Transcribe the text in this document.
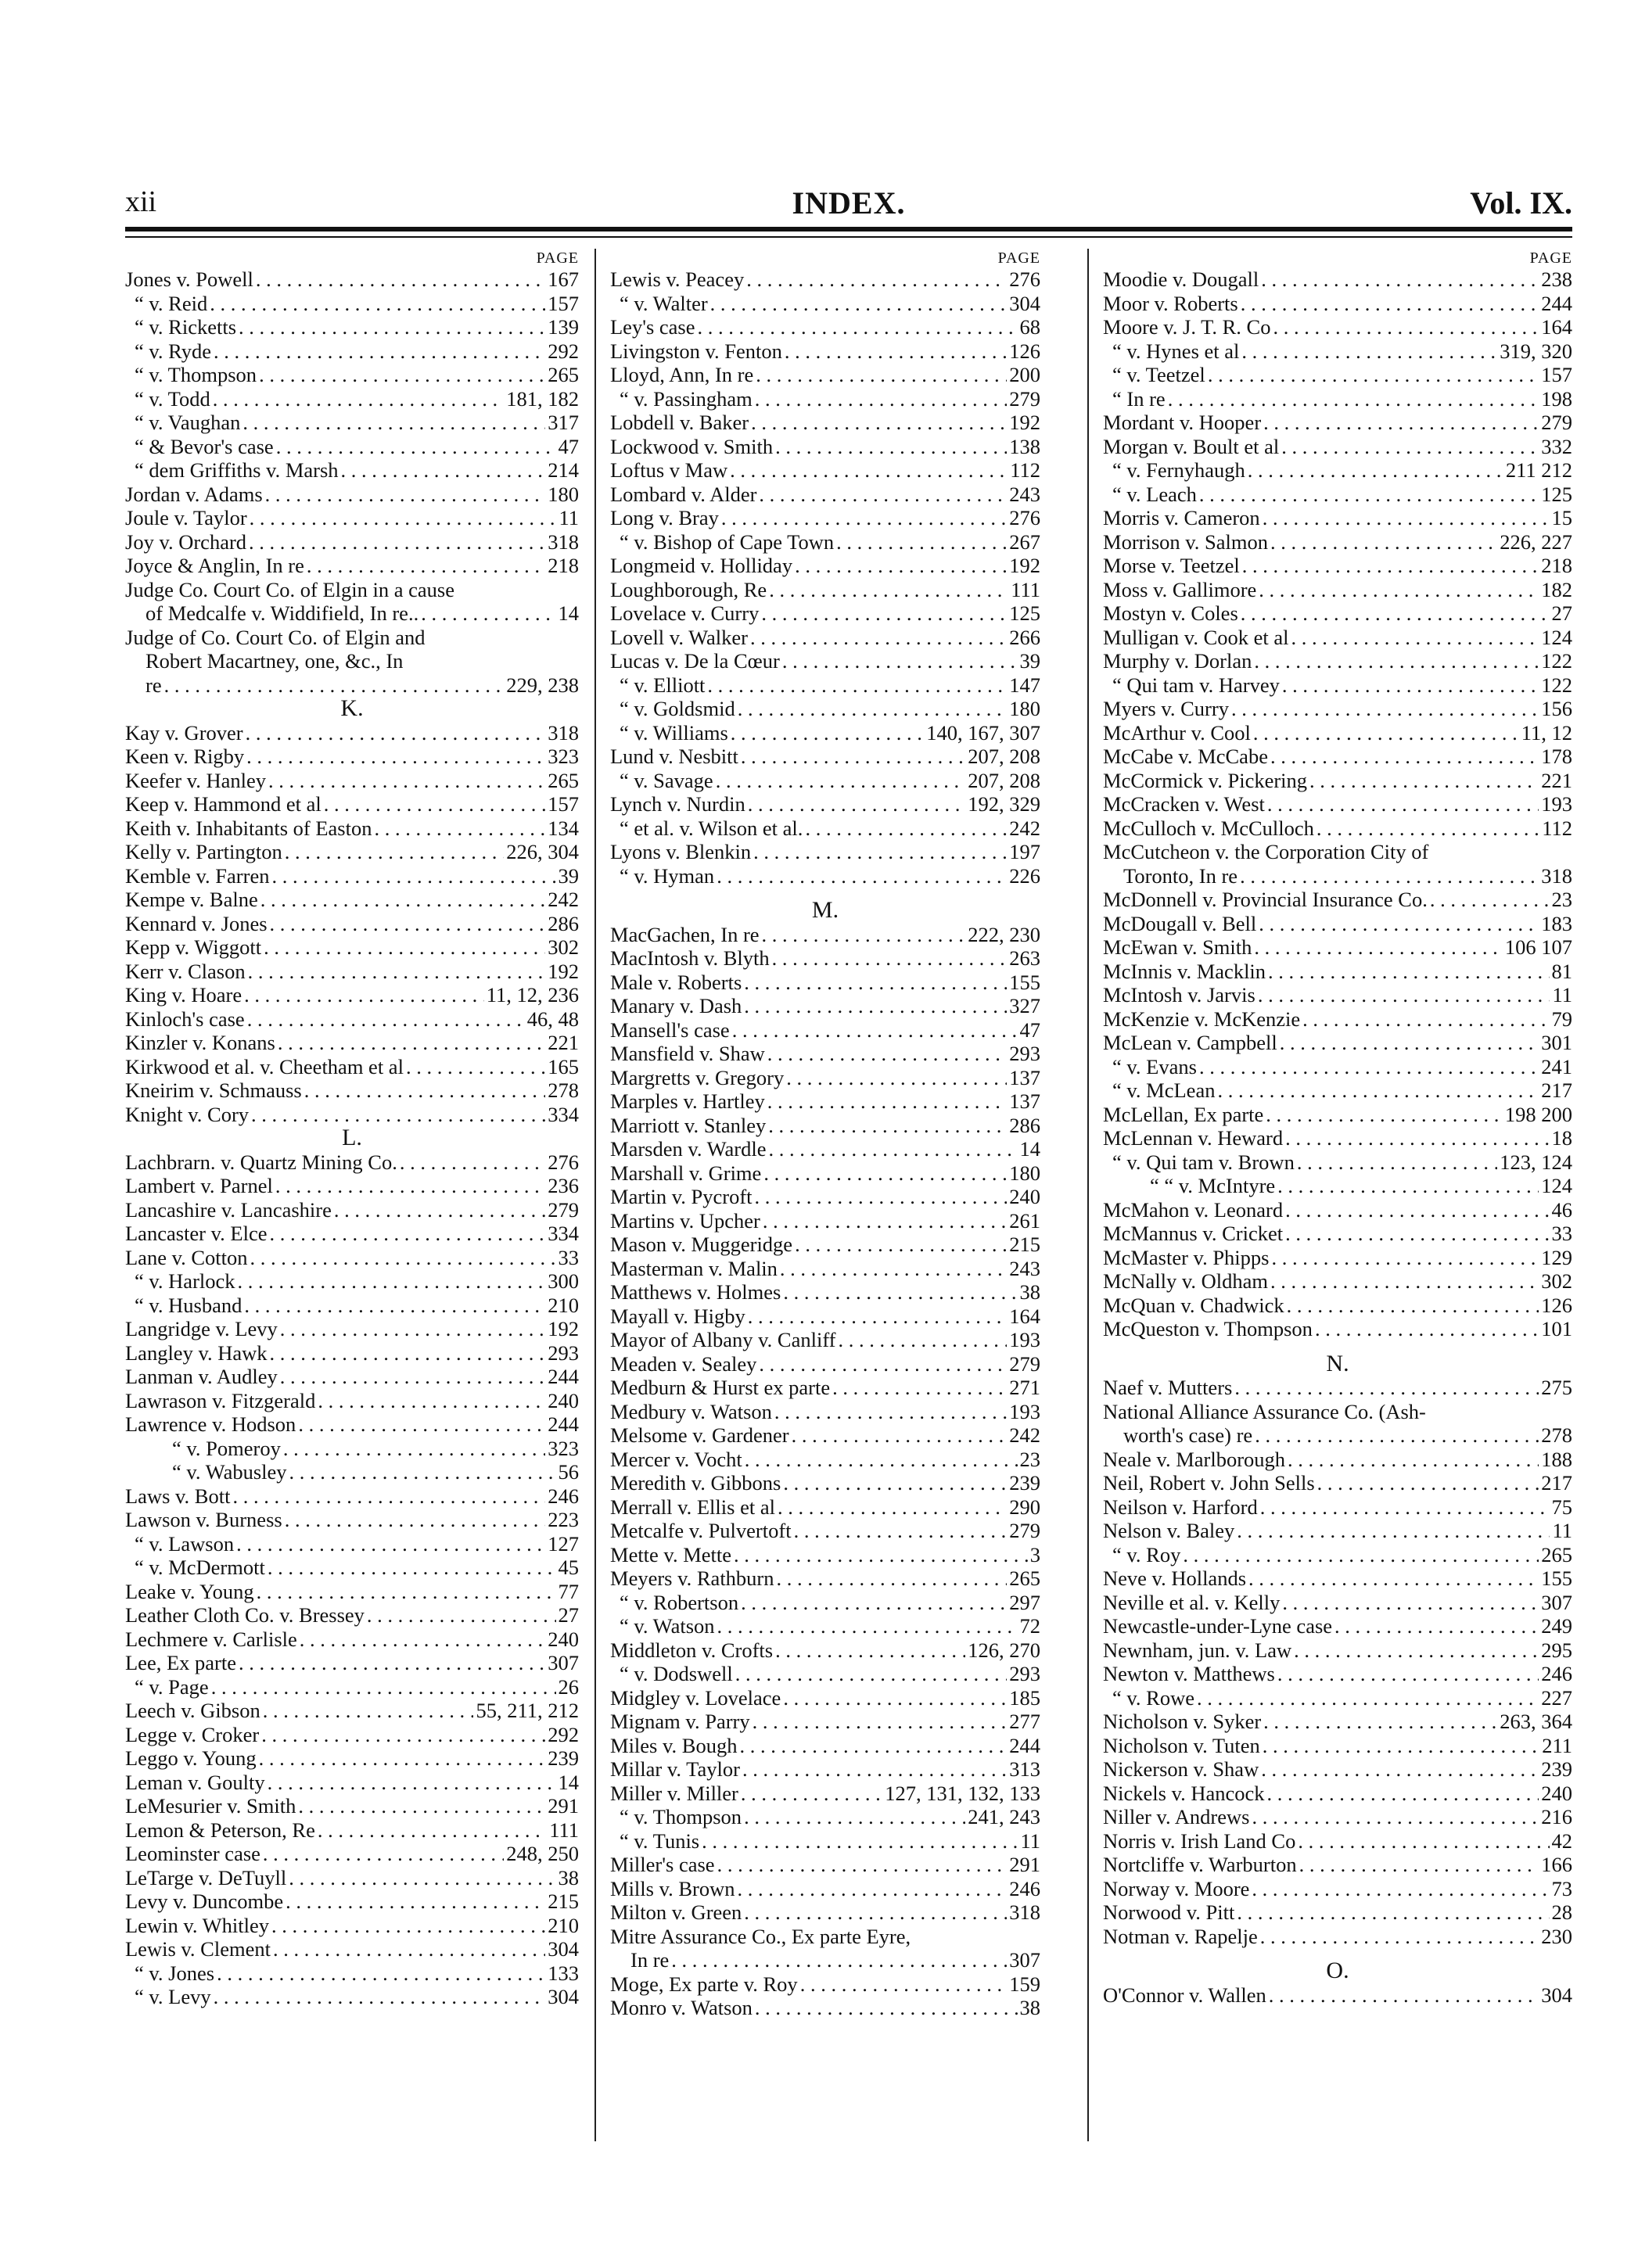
xii	INDEX.	Vol. IX.
PAGE
Jones v. Powell . . .	167
“ v. Reid . . .	157
“ v. Ricketts . . .	139
“ v. Ryde . . .	292
“ v. Thompson . . .	265
“ v. Todd . . .	181, 182
“ v. Vaughan . . .	317
“ & Bevor's case . . .	47
“ dem Griffiths v. Marsh . . .	214
Jordan v. Adams . . .	180
Joule v. Taylor . . .	11
Joy v. Orchard . . .	318
Joyce & Anglin, In re . . .	218
Judge Co. Court Co. of Elgin in a cause
of Medcalfe v. Widdifield, In re.. . . .	14
Judge of Co. Court Co. of Elgin and
Robert Macartney, one, &c., In
re . . .	229, 238
K.
Kay v. Grover . . .	318
Keen v. Rigby . . .	323
Keefer v. Hanley . . .	265
Keep v. Hammond et al . . .	157
Keith v. Inhabitants of Easton . . .	134
Kelly v. Partington . . .	226, 304
Kemble v. Farren . . .	39
Kempe v. Balne . . .	242
Kennard v. Jones . . .	286
Kepp v. Wiggott . . .	302
Kerr v. Clason . . .	192
King v. Hoare . . .	11, 12, 236
Kinloch's case . . .	46, 48
Kinzler v. Konans . . .	221
Kirkwood et al. v. Cheetham et al . . .	165
Kneirim v. Schmauss . . .	278
Knight v. Cory . . .	334
L.
Lachbrarn. v. Quartz Mining Co. . . .	276
Lambert v. Parnel . . .	236
Lancashire v. Lancashire . . .	279
Lancaster v. Elce . . .	334
Lane v. Cotton . . .	33
“ v. Harlock . . .	300
“ v. Husband . . .	210
Langridge v. Levy . . .	192
Langley v. Hawk . . .	293
Lanman v. Audley . . .	244
Lawrason v. Fitzgerald . . .	240
Lawrence v. Hodson . . .	244
“ v. Pomeroy . . .	323
“ v. Wabusley . . .	56
Laws v. Bott . . .	246
Lawson v. Burness . . .	223
“ v. Lawson . . .	127
“ v. McDermott . . .	45
Leake v. Young . . .	77
Leather Cloth Co. v. Bressey . . .	27
Lechmere v. Carlisle . . .	240
Lee, Ex parte . . .	307
“ v. Page . . .	26
Leech v. Gibson . . .	55, 211, 212
Legge v. Croker . . .	292
Leggo v. Young . . .	239
Leman v. Goulty . . .	14
LeMesurier v. Smith . . .	291
Lemon & Peterson, Re . . .	111
Leominster case . . .	248, 250
LeTarge v. DeTuyll . . .	38
Levy v. Duncombe . . .	215
Lewin v. Whitley . . .	210
Lewis v. Clement . . .	304
“ v. Jones . . .	133
“ v. Levy . . .	304
PAGE
Lewis v. Peacey . . .	276
“ v. Walter . . .	304
Ley's case . . .	68
Livingston v. Fenton . . .	126
Lloyd, Ann, In re . . .	200
“ v. Passingham . . .	279
Lobdell v. Baker . . .	192
Lockwood v. Smith . . .	138
Loftus v Maw . . .	112
Lombard v. Alder . . .	243
Long v. Bray . . .	276
“ v. Bishop of Cape Town . . .	267
Longmeid v. Holliday . . .	192
Loughborough, Re . . .	111
Lovelace v. Curry . . .	125
Lovell v. Walker . . .	266
Lucas v. De la Cœur . . .	39
“ v. Elliott . . .	147
“ v. Goldsmid . . .	180
“ v. Williams . . .	140, 167, 307
Lund v. Nesbitt . . .	207, 208
“ v. Savage . . .	207, 208
Lynch v. Nurdin . . .	192, 329
“ et al. v. Wilson et al. . . .	242
Lyons v. Blenkin . . .	197
“ v. Hyman . . .	226
M.
MacGachen, In re . . .	222, 230
MacIntosh v. Blyth . . .	263
Male v. Roberts . . .	155
Manary v. Dash . . .	327
Mansell's case . . .	47
Mansfield v. Shaw . . .	293
Margretts v. Gregory . . .	137
Marples v. Hartley . . .	137
Marriott v. Stanley . . .	286
Marsden v. Wardle . . .	14
Marshall v. Grime . . .	180
Martin v. Pycroft . . .	240
Martins v. Upcher . . .	261
Mason v. Muggeridge . . .	215
Masterman v. Malin . . .	243
Matthews v. Holmes . . .	38
Mayall v. Higby . . .	164
Mayor of Albany v. Canliff . . .	193
Meaden v. Sealey . . .	279
Medburn & Hurst ex parte . . .	271
Medbury v. Watson . . .	193
Melsome v. Gardener . . .	242
Mercer v. Vocht . . .	23
Meredith v. Gibbons . . .	239
Merrall v. Ellis et al . . .	290
Metcalfe v. Pulvertoft . . .	279
Mette v. Mette . . .	3
Meyers v. Rathburn . . .	265
“ v. Robertson . . .	297
“ v. Watson . . .	72
Middleton v. Crofts . . .	126, 270
“ v. Dodswell . . .	293
Midgley v. Lovelace . . .	185
Mignam v. Parry . . .	277
Miles v. Bough . . .	244
Millar v. Taylor . . .	313
Miller v. Miller . . .	127, 131, 132, 133
“ v. Thompson . . .	241, 243
“ v. Tunis . . .	11
Miller's case . . .	291
Mills v. Brown . . .	246
Milton v. Green . . .	318
Mitre Assurance Co., Ex parte Eyre,
In re . . .	307
Moge, Ex parte v. Roy . . .	159
Monro v. Watson . . .	38
PAGE
Moodie v. Dougall . . .	238
Moor v. Roberts . . .	244
Moore v. J. T. R. Co . . .	164
“ v. Hynes et al . . .	319, 320
“ v. Teetzel . . .	157
“ In re . . .	198
Mordant v. Hooper . . .	279
Morgan v. Boult et al . . .	332
“ v. Fernyhaugh . . .	211 212
“ v. Leach . . .	125
Morris v. Cameron . . .	15
Morrison v. Salmon . . .	226, 227
Morse v. Teetzel . . .	218
Moss v. Gallimore . . .	182
Mostyn v. Coles . . .	27
Mulligan v. Cook et al . . .	124
Murphy v. Dorlan . . .	122
“ Qui tam v. Harvey . . .	122
Myers v. Curry . . .	156
McArthur v. Cool . . .	11, 12
McCabe v. McCabe . . .	178
McCormick v. Pickering . . .	221
McCracken v. West . . .	193
McCulloch v. McCulloch . . .	112
McCutcheon v. the Corporation City of
Toronto, In re . . .	318
McDonnell v. Provincial Insurance Co. . . .	23
McDougall v. Bell . . .	183
McEwan v. Smith . . .	106 107
McInnis v. Macklin . . .	81
McIntosh v. Jarvis . . .	11
McKenzie v. McKenzie . . .	79
McLean v. Campbell . . .	301
“ v. Evans . . .	241
“ v. McLean . . .	217
McLellan, Ex parte . . .	198 200
McLennan v. Heward . . .	18
“ v. Qui tam v. Brown . . .	123, 124
“ “ v. McIntyre . . .	124
McMahon v. Leonard . . .	46
McMannus v. Cricket . . .	33
McMaster v. Phipps . . .	129
McNally v. Oldham . . .	302
McQuan v. Chadwick . . .	126
McQueston v. Thompson . . .	101
N.
Naef v. Mutters . . .	275
National Alliance Assurance Co. (Ash-
worth's case) re . . .	278
Neale v. Marlborough . . .	188
Neil, Robert v. John Sells . . .	217
Neilson v. Harford . . .	75
Nelson v. Baley . . .	11
“ v. Roy . . .	265
Neve v. Hollands . . .	155
Neville et al. v. Kelly . . .	307
Newcastle-under-Lyne case . . .	249
Newnham, jun. v. Law . . .	295
Newton v. Matthews . . .	246
“ v. Rowe . . .	227
Nicholson v. Syker . . .	263, 364
Nicholson v. Tuten . . .	211
Nickerson v. Shaw . . .	239
Nickels v. Hancock . . .	240
Niller v. Andrews . . .	216
Norris v. Irish Land Co . . .	42
Nortcliffe v. Warburton . . .	166
Norway v. Moore . . .	73
Norwood v. Pitt . . .	28
Notman v. Rapelje . . .	230
O.
O'Connor v. Wallen . . .	304
